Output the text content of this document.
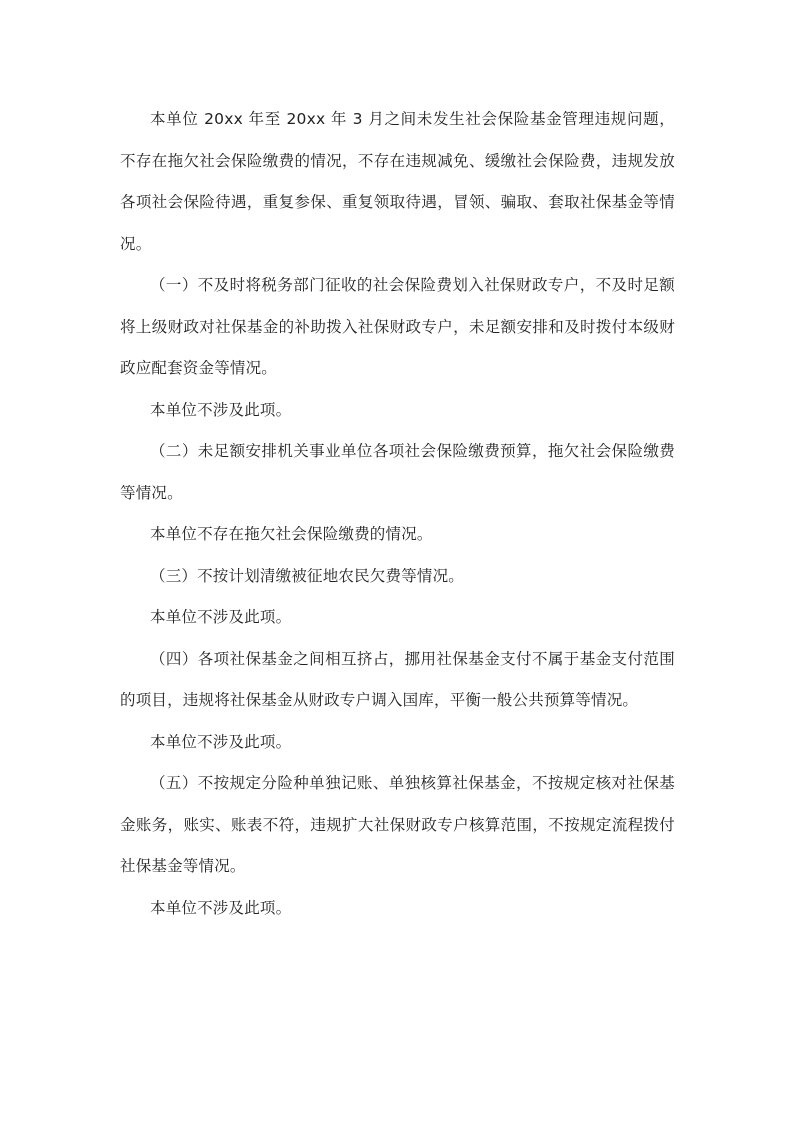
本单位 20xx 年至 20xx 年 3 月之间未发生社会保险基金管理违规问题，不存在拖欠社会保险缴费的情况，不存在违规减免、缓缴社会保险费，违规发放各项社会保险待遇，重复参保、重复领取待遇，冒领、骗取、套取社保基金等情况。

（一）不及时将税务部门征收的社会保险费划入社保财政专户，不及时足额将上级财政对社保基金的补助拨入社保财政专户，未足额安排和及时拨付本级财政应配套资金等情况。

本单位不涉及此项。

（二）未足额安排机关事业单位各项社会保险缴费预算，拖欠社会保险缴费等情况。

本单位不存在拖欠社会保险缴费的情况。

（三）不按计划清缴被征地农民欠费等情况。

本单位不涉及此项。

（四）各项社保基金之间相互挤占，挪用社保基金支付不属于基金支付范围的项目，违规将社保基金从财政专户调入国库，平衡一般公共预算等情况。

本单位不涉及此项。

（五）不按规定分险种单独记账、单独核算社保基金，不按规定核对社保基金账务，账实、账表不符，违规扩大社保财政专户核算范围，不按规定流程拨付社保基金等情况。

本单位不涉及此项。
